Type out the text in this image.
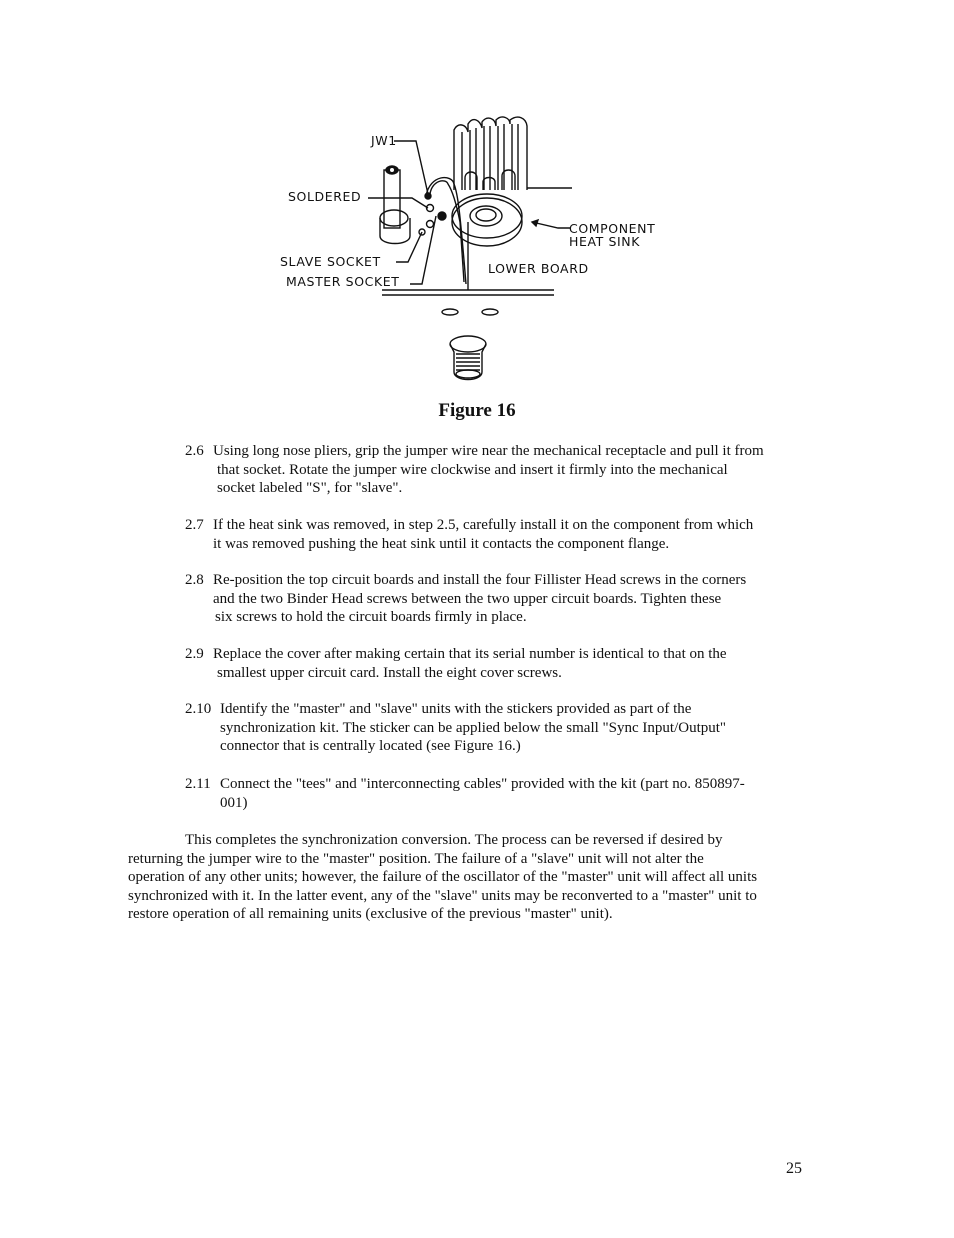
JW1
SOLDERED
SLAVE SOCKET
MASTER SOCKET
COMPONENT
HEAT SINK
LOWER BOARD
Figure 16
2.6 Using long nose pliers, grip the jumper wire near the mechanical receptacle and pull it from
that socket. Rotate the jumper wire clockwise and insert it firmly into the mechanical
socket labeled "S", for "slave".
2.7 If the heat sink was removed, in step 2.5, carefully install it on the component from which
it was removed pushing the heat sink until it contacts the component flange.
2.8 Re-position the top circuit boards and install the four Fillister Head screws in the corners
and the two Binder Head screws between the two upper circuit boards. Tighten these
six screws to hold the circuit boards firmly in place.
2.9 Replace the cover after making certain that its serial number is identical to that on the
smallest upper circuit card. Install the eight cover screws.
2.10 Identify the "master" and "slave" units with the stickers provided as part of the
synchronization kit. The sticker can be applied below the small "Sync Input/Output"
connector that is centrally located (see Figure 16.)
2.11 Connect the "tees" and "interconnecting cables" provided with the kit (part no. 850897-
001)
This completes the synchronization conversion. The process can be reversed if desired by
returning the jumper wire to the "master" position. The failure of a "slave" unit will not alter the
operation of any other units; however, the failure of the oscillator of the "master" unit will affect all units
synchronized with it. In the latter event, any of the "slave" units may be reconverted to a "master" unit to
restore operation of all remaining units (exclusive of the previous "master" unit).
25
